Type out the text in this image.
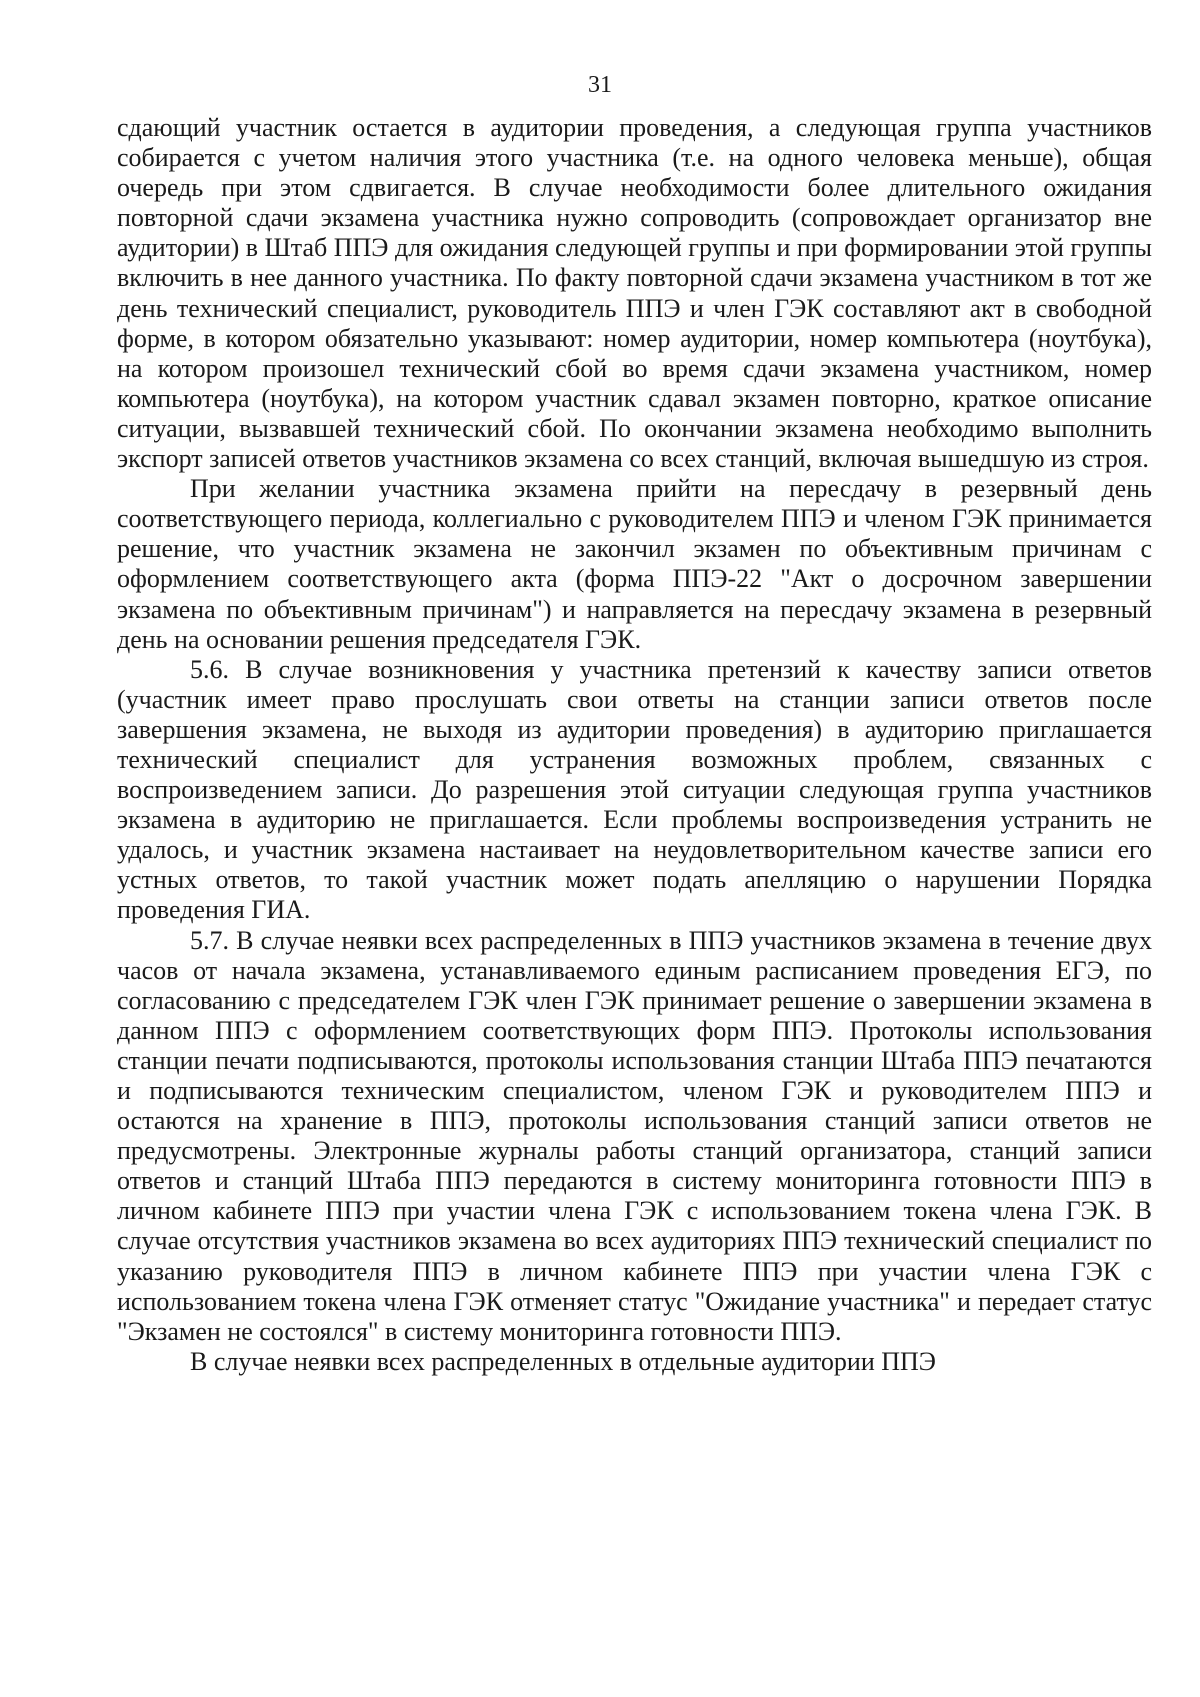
31

сдающий участник остается в аудитории проведения, а следующая группа участников собирается с учетом наличия этого участника (т.е. на одного человека меньше), общая очередь при этом сдвигается. В случае необходимости более длительного ожидания повторной сдачи экзамена участника нужно сопроводить (сопровождает организатор вне аудитории) в Штаб ППЭ для ожидания следующей группы и при формировании этой группы включить в нее данного участника. По факту повторной сдачи экзамена участником в тот же день технический специалист, руководитель ППЭ и член ГЭК составляют акт в свободной форме, в котором обязательно указывают: номер аудитории, номер компьютера (ноутбука), на котором произошел технический сбой во время сдачи экзамена участником, номер компьютера (ноутбука), на котором участник сдавал экзамен повторно, краткое описание ситуации, вызвавшей технический сбой. По окончании экзамена необходимо выполнить экспорт записей ответов участников экзамена со всех станций, включая вышедшую из строя.

При желании участника экзамена прийти на пересдачу в резервный день соответствующего периода, коллегиально с руководителем ППЭ и членом ГЭК принимается решение, что участник экзамена не закончил экзамен по объективным причинам с оформлением соответствующего акта (форма ППЭ-22 "Акт о досрочном завершении экзамена по объективным причинам") и направляется на пересдачу экзамена в резервный день на основании решения председателя ГЭК.

5.6. В случае возникновения у участника претензий к качеству записи ответов (участник имеет право прослушать свои ответы на станции записи ответов после завершения экзамена, не выходя из аудитории проведения) в аудиторию приглашается технический специалист для устранения возможных проблем, связанных с воспроизведением записи. До разрешения этой ситуации следующая группа участников экзамена в аудиторию не приглашается. Если проблемы воспроизведения устранить не удалось, и участник экзамена настаивает на неудовлетворительном качестве записи его устных ответов, то такой участник может подать апелляцию о нарушении Порядка проведения ГИА.

5.7. В случае неявки всех распределенных в ППЭ участников экзамена в течение двух часов от начала экзамена, устанавливаемого единым расписанием проведения ЕГЭ, по согласованию с председателем ГЭК член ГЭК принимает решение о завершении экзамена в данном ППЭ с оформлением соответствующих форм ППЭ. Протоколы использования станции печати подписываются, протоколы использования станции Штаба ППЭ печатаются и подписываются техническим специалистом, членом ГЭК и руководителем ППЭ и остаются на хранение в ППЭ, протоколы использования станций записи ответов не предусмотрены. Электронные журналы работы станций организатора, станций записи ответов и станций Штаба ППЭ передаются в систему мониторинга готовности ППЭ в личном кабинете ППЭ при участии члена ГЭК с использованием токена члена ГЭК. В случае отсутствия участников экзамена во всех аудиториях ППЭ технический специалист по указанию руководителя ППЭ в личном кабинете ППЭ при участии члена ГЭК с использованием токена члена ГЭК отменяет статус "Ожидание участника" и передает статус "Экзамен не состоялся" в систему мониторинга готовности ППЭ.

В случае неявки всех распределенных в отдельные аудитории ППЭ
